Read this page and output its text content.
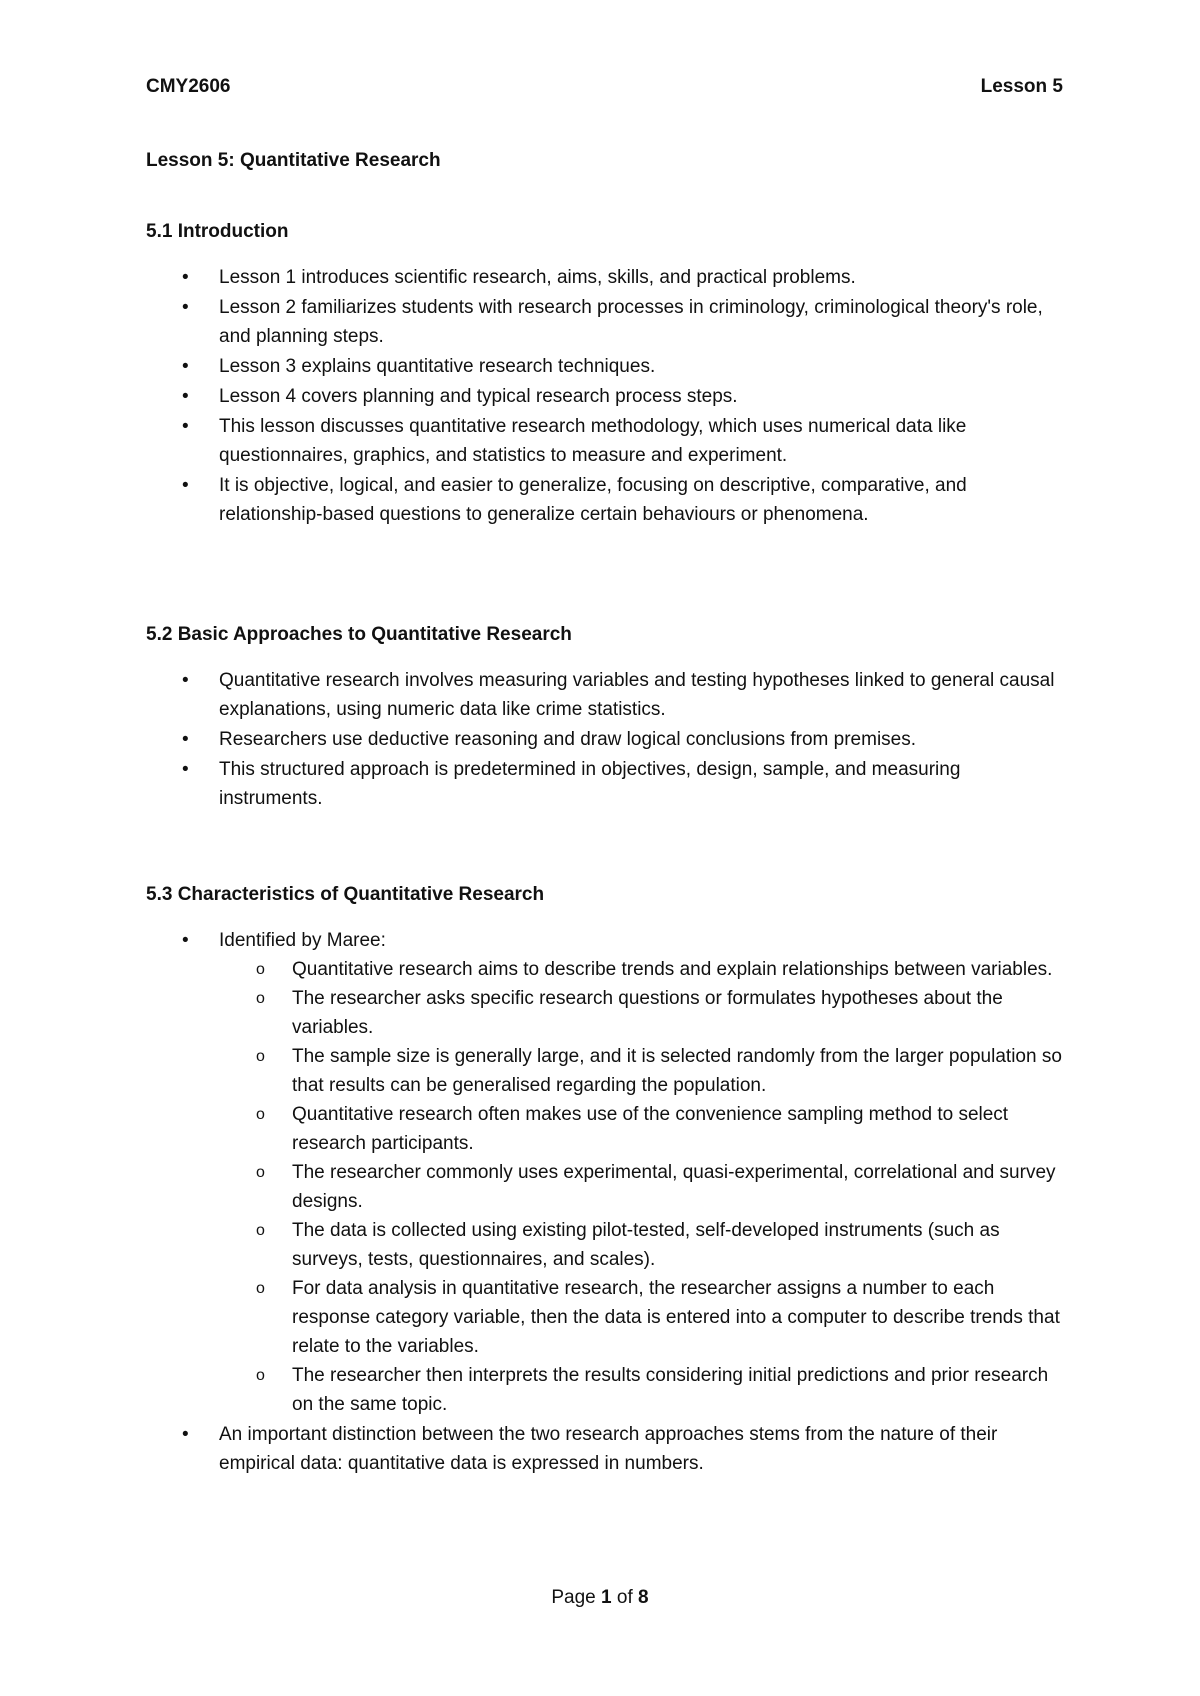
CMY2606	Lesson 5
Lesson 5: Quantitative Research
5.1 Introduction
• Lesson 1 introduces scientific research, aims, skills, and practical problems.
• Lesson 2 familiarizes students with research processes in criminology, criminological theory's role, and planning steps.
• Lesson 3 explains quantitative research techniques.
• Lesson 4 covers planning and typical research process steps.
• This lesson discusses quantitative research methodology, which uses numerical data like questionnaires, graphics, and statistics to measure and experiment.
• It is objective, logical, and easier to generalize, focusing on descriptive, comparative, and relationship-based questions to generalize certain behaviours or phenomena.
5.2 Basic Approaches to Quantitative Research
• Quantitative research involves measuring variables and testing hypotheses linked to general causal explanations, using numeric data like crime statistics.
• Researchers use deductive reasoning and draw logical conclusions from premises.
• This structured approach is predetermined in objectives, design, sample, and measuring instruments.
5.3 Characteristics of Quantitative Research
• Identified by Maree:
o Quantitative research aims to describe trends and explain relationships between variables.
o The researcher asks specific research questions or formulates hypotheses about the variables.
o The sample size is generally large, and it is selected randomly from the larger population so that results can be generalised regarding the population.
o Quantitative research often makes use of the convenience sampling method to select research participants.
o The researcher commonly uses experimental, quasi-experimental, correlational and survey designs.
o The data is collected using existing pilot-tested, self-developed instruments (such as surveys, tests, questionnaires, and scales).
o For data analysis in quantitative research, the researcher assigns a number to each response category variable, then the data is entered into a computer to describe trends that relate to the variables.
o The researcher then interprets the results considering initial predictions and prior research on the same topic.
• An important distinction between the two research approaches stems from the nature of their empirical data: quantitative data is expressed in numbers.
Page 1 of 8
